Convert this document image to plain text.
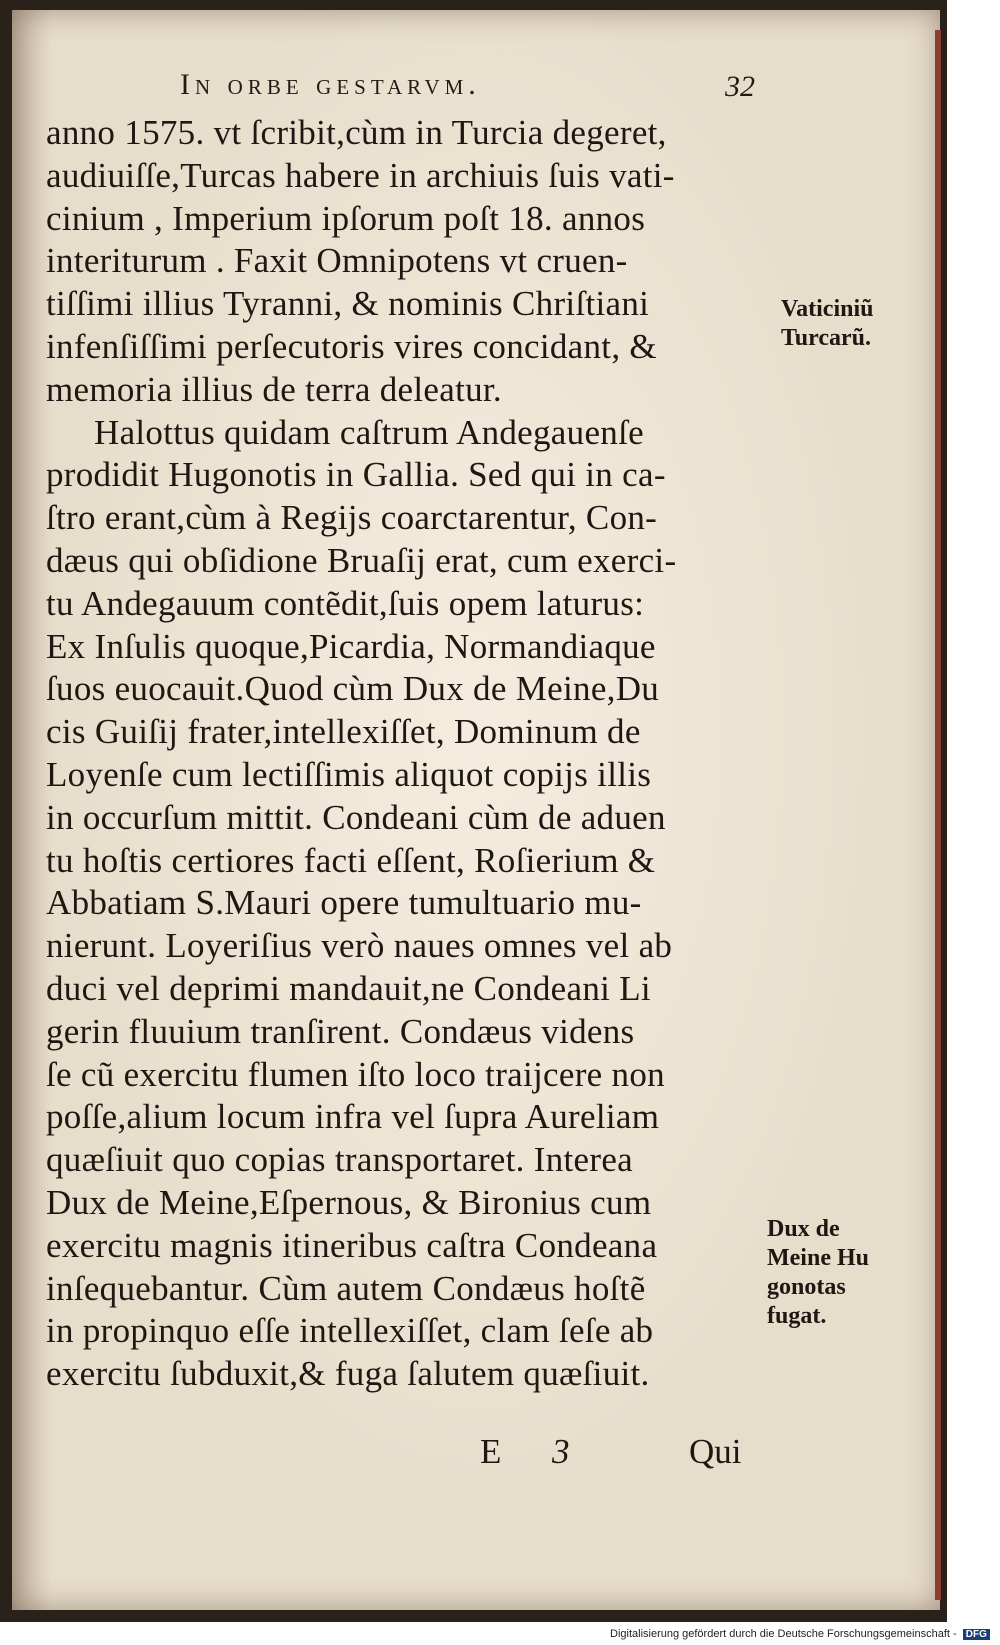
In orbe gestarvm.	32
anno 1575. vt ſcribit,cùm in Turcia degeret,
audiuiſſe,Turcas habere in archiuis ſuis vati-
cinium , Imperium ipſorum poſt 18. annos
interiturum . Faxit Omnipotens vt cruen-
tiſſimi illius Tyranni, & nominis Chriſtiani
infenſiſſimi perſecutoris vires concidant, &
memoria illius de terra deleatur.
Halottus quidam caſtrum Andegauenſe
prodidit Hugonotis in Gallia. Sed qui in ca-
ſtro erant,cùm à Regijs coarctarentur, Con-
dæus qui obſidione Bruaſij erat, cum exerci-
tu Andegauum contẽdit,ſuis opem laturus:
Ex Inſulis quoque,Picardia, Normandiaque
ſuos euocauit.Quod cùm Dux de Meine,Du
cis Guiſij frater,intellexiſſet, Dominum de
Loyenſe cum lectiſſimis aliquot copijs illis
in occurſum mittit. Condeani cùm de aduen
tu hoſtis certiores facti eſſent, Roſierium &
Abbatiam S.Mauri opere tumultuario mu-
nierunt. Loyeriſius verò naues omnes vel ab
duci vel deprimi mandauit,ne Condeani Li
gerin fluuium tranſirent. Condæus videns
ſe cũ exercitu flumen iſto loco traijcere non
poſſe,alium locum infra vel ſupra Aureliam
quæſiuit quo copias transportaret. Interea
Dux de Meine,Eſpernous, & Bironius cum
exercitu magnis itineribus caſtra Condeana
inſequebantur. Cùm autem Condæus hoſtẽ
in propinquo eſſe intellexiſſet, clam ſeſe ab
exercitu ſubduxit,& fuga ſalutem quæſiuit.
Vaticiniũ
Turcarũ.
Dux de
Meine Hu
gonotas
fugat.
E 3	Qui
Digitalisierung gefördert durch die Deutsche Forschungsgemeinschaft - DFG
